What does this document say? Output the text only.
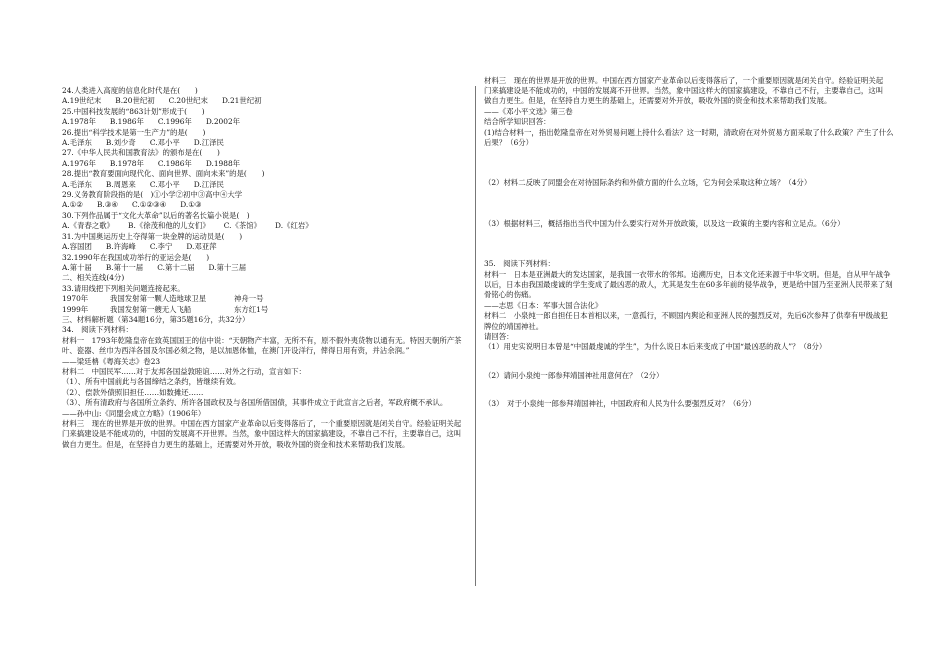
24.人类进入高度的信息化时代是在(　　)
A.19世纪末 B.20世纪初 C.20世纪末 D.21世纪初
25.中国科技发展的“863计划”形成于(　　)
A.1978年 B.1986年 C.1996年 D.2002年
26.提出“科学技术是第一生产力”的是(　　)
A.毛泽东 B.刘少奇 C.邓小平 D.江泽民
27.《中华人民共和国教育法》的颁布是在(　　)
A.1976年 B.1978年 C.1986年 D.1988年
28.提出“教育要面向现代化、面向世界、面向未来”的是(　　)
A.毛泽东 B.周恩来 C.邓小平 D.江泽民
29.义务教育阶段指的是(　)①小学②初中③高中④大学
A.①② B.③④ C.①②③④ D.①③
30.下列作品属于“文化大革命”以后的著名长篇小说是(　)
A.《青春之歌》 B.《徐茂和他的儿女们》 C.《茶馆》 D.《红岩》
31.为中国奥运历史上夺得第一块金牌的运动员是(　　)
A.容国团 B.许海峰 C.李宁 D.邓亚萍
32.1990年在我国成功举行的亚运会是(　　)
A.第十届 B.第十一届 C.第十二届 D.第十三届
二、相关连线(4分)
33.请用线把下列相关问题连接起来。
1970年	我国发射第一颗人造地球卫星	神舟一号
1999年	我国发射第一艘无人飞船	东方红1号
三、材料解析题（第34题16分，第35题16分，共32分）
34.　阅读下列材料：
材料一　1793年乾隆皇帝在致英国国王的信中说：“天朝物产丰富，无所不有，原不假外夷货物以通有无。特因天朝所产茶叶、瓷器、丝巾为西洋各国及尔国必须之物，是以加恩体恤，在澳门开设洋行，俾得日用有资，并沾余润。”
——梁廷柟《粤海关志》卷23
材料二　中国民军……对于友邦各国益敦睦谊……对外之行动，宣言如下：
（1）、所有中国前此与各国缔结之条约，皆继续有效。
（2）、偿款外债照旧担任……如数摊还……
（3）、所有清政府与各国所立条约、所许各国政权及与各国所借国债，其事件成立于此宣言之后者，军政府概不承认。
——孙中山:《同盟会成立方略》（1906年）
材料三　现在的世界是开放的世界。中国在西方国家产业革命以后变得落后了，一个重要原因就是闭关自守。经验证明关起门来搞建设是不能成功的，中国的发展离不开世界。当然，象中国这样大的国家搞建设，不靠自己不行，主要靠自己，这叫做自力更生。但是，在坚持自力更生的基础上，还需要对外开放，吸收外国的资金和技术来帮助我们发展。
材料三　现在的世界是开放的世界。中国在西方国家产业革命以后变得落后了，一个重要原因就是闭关自守。经验证明关起门来搞建设是不能成功的，中国的发展离不开世界。当然，象中国这样大的国家搞建设，不靠自己不行，主要靠自己，这叫做自力更生。但是，在坚持自力更生的基础上，还需要对外开放，吸收外国的资金和技术来帮助我们发展。
——《邓小平文选》第三卷
结合所学知识回答：
(1)结合材料一，指出乾隆皇帝在对外贸易问题上持什么看法？这一时期，清政府在对外贸易方面采取了什么政策？产生了什么后果？（6分）
（2）材料二反映了同盟会在对待国际条约和外债方面的什么立场，它为何会采取这种立场？（4分）
（3）根据材料三，概括指出当代中国为什么要实行对外开放政策，以及这一政策的主要内容和立足点。（6分）
35.　阅读下列材料：
材料一　日本是亚洲最大的发达国家，是我国一衣带水的邻邦。追溯历史，日本文化还来源于中华文明。但是，自从甲午战争以后，日本由我国最虔诚的学生变成了最凶恶的敌人，尤其是发生在60多年前的侵华战争，更是给中国乃至亚洲人民带来了刻骨铭心的伤痛。
——志思《日本：军事大国合法化》
材料二　小泉纯一郎自担任日本首相以来，一意孤行，不顾国内舆论和亚洲人民的强烈反对，先后6次参拜了供奉有甲级战犯牌位的靖国神社。
请回答：
（1）用史实说明日本曾是“中国最虔诚的学生”，为什么说日本后来变成了中国“最凶恶的敌人”？（8分）
（2）请问小泉纯一郎参拜靖国神社用意何在？（2分）
（3）　对于小泉纯一郎参拜靖国神社，中国政府和人民为什么要强烈反对？（6分）
